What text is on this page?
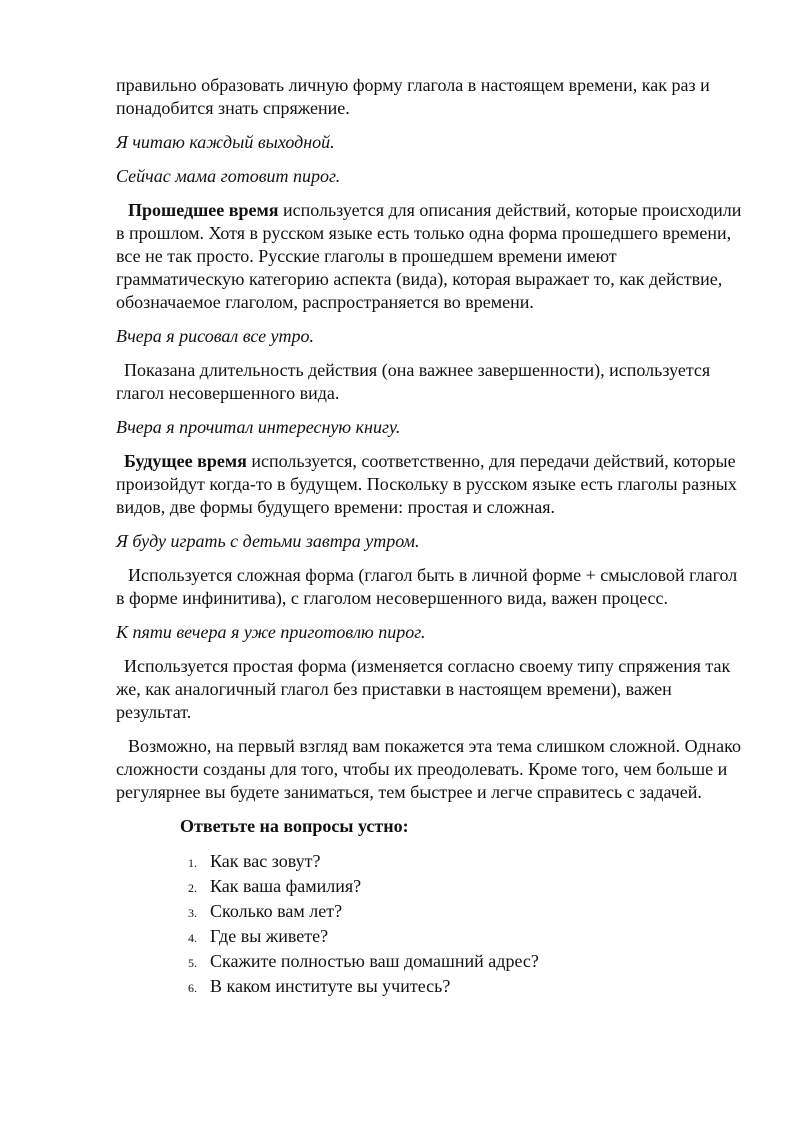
правильно образовать личную форму глагола в настоящем времени, как раз и понадобится знать спряжение.

Я читаю каждый выходной.

Сейчас мама готовит пирог.

Прошедшее время используется для описания действий, которые происходили в прошлом. Хотя в русском языке есть только одна форма прошедшего времени, все не так просто. Русские глаголы в прошедшем времени имеют грамматическую категорию аспекта (вида), которая выражает то, как действие, обозначаемое глаголом, распространяется во времени.

Вчера я рисовал все утро.

Показана длительность действия (она важнее завершенности), используется глагол несовершенного вида.

Вчера я прочитал интересную книгу.

Будущее время используется, соответственно, для передачи действий, которые произойдут когда-то в будущем. Поскольку в русском языке есть глаголы разных видов, две формы будущего времени: простая и сложная.

Я буду играть с детьми завтра утром.

Используется сложная форма (глагол быть в личной форме + смысловой глагол в форме инфинитива), с глаголом несовершенного вида, важен процесс.

К пяти вечера я уже приготовлю пирог.

Используется простая форма (изменяется согласно своему типу спряжения так же, как аналогичный глагол без приставки в настоящем времени), важен результат.

Возможно, на первый взгляд вам покажется эта тема слишком сложной. Однако сложности созданы для того, чтобы их преодолевать. Кроме того, чем больше и регулярнее вы будете заниматься, тем быстрее и легче справитесь с задачей.

Ответьте на вопросы устно:
1. Как вас зовут?
2. Как ваша фамилия?
3. Сколько вам лет?
4. Где вы живете?
5. Скажите полностью ваш домашний адрес?
6. В каком институте вы учитесь?
